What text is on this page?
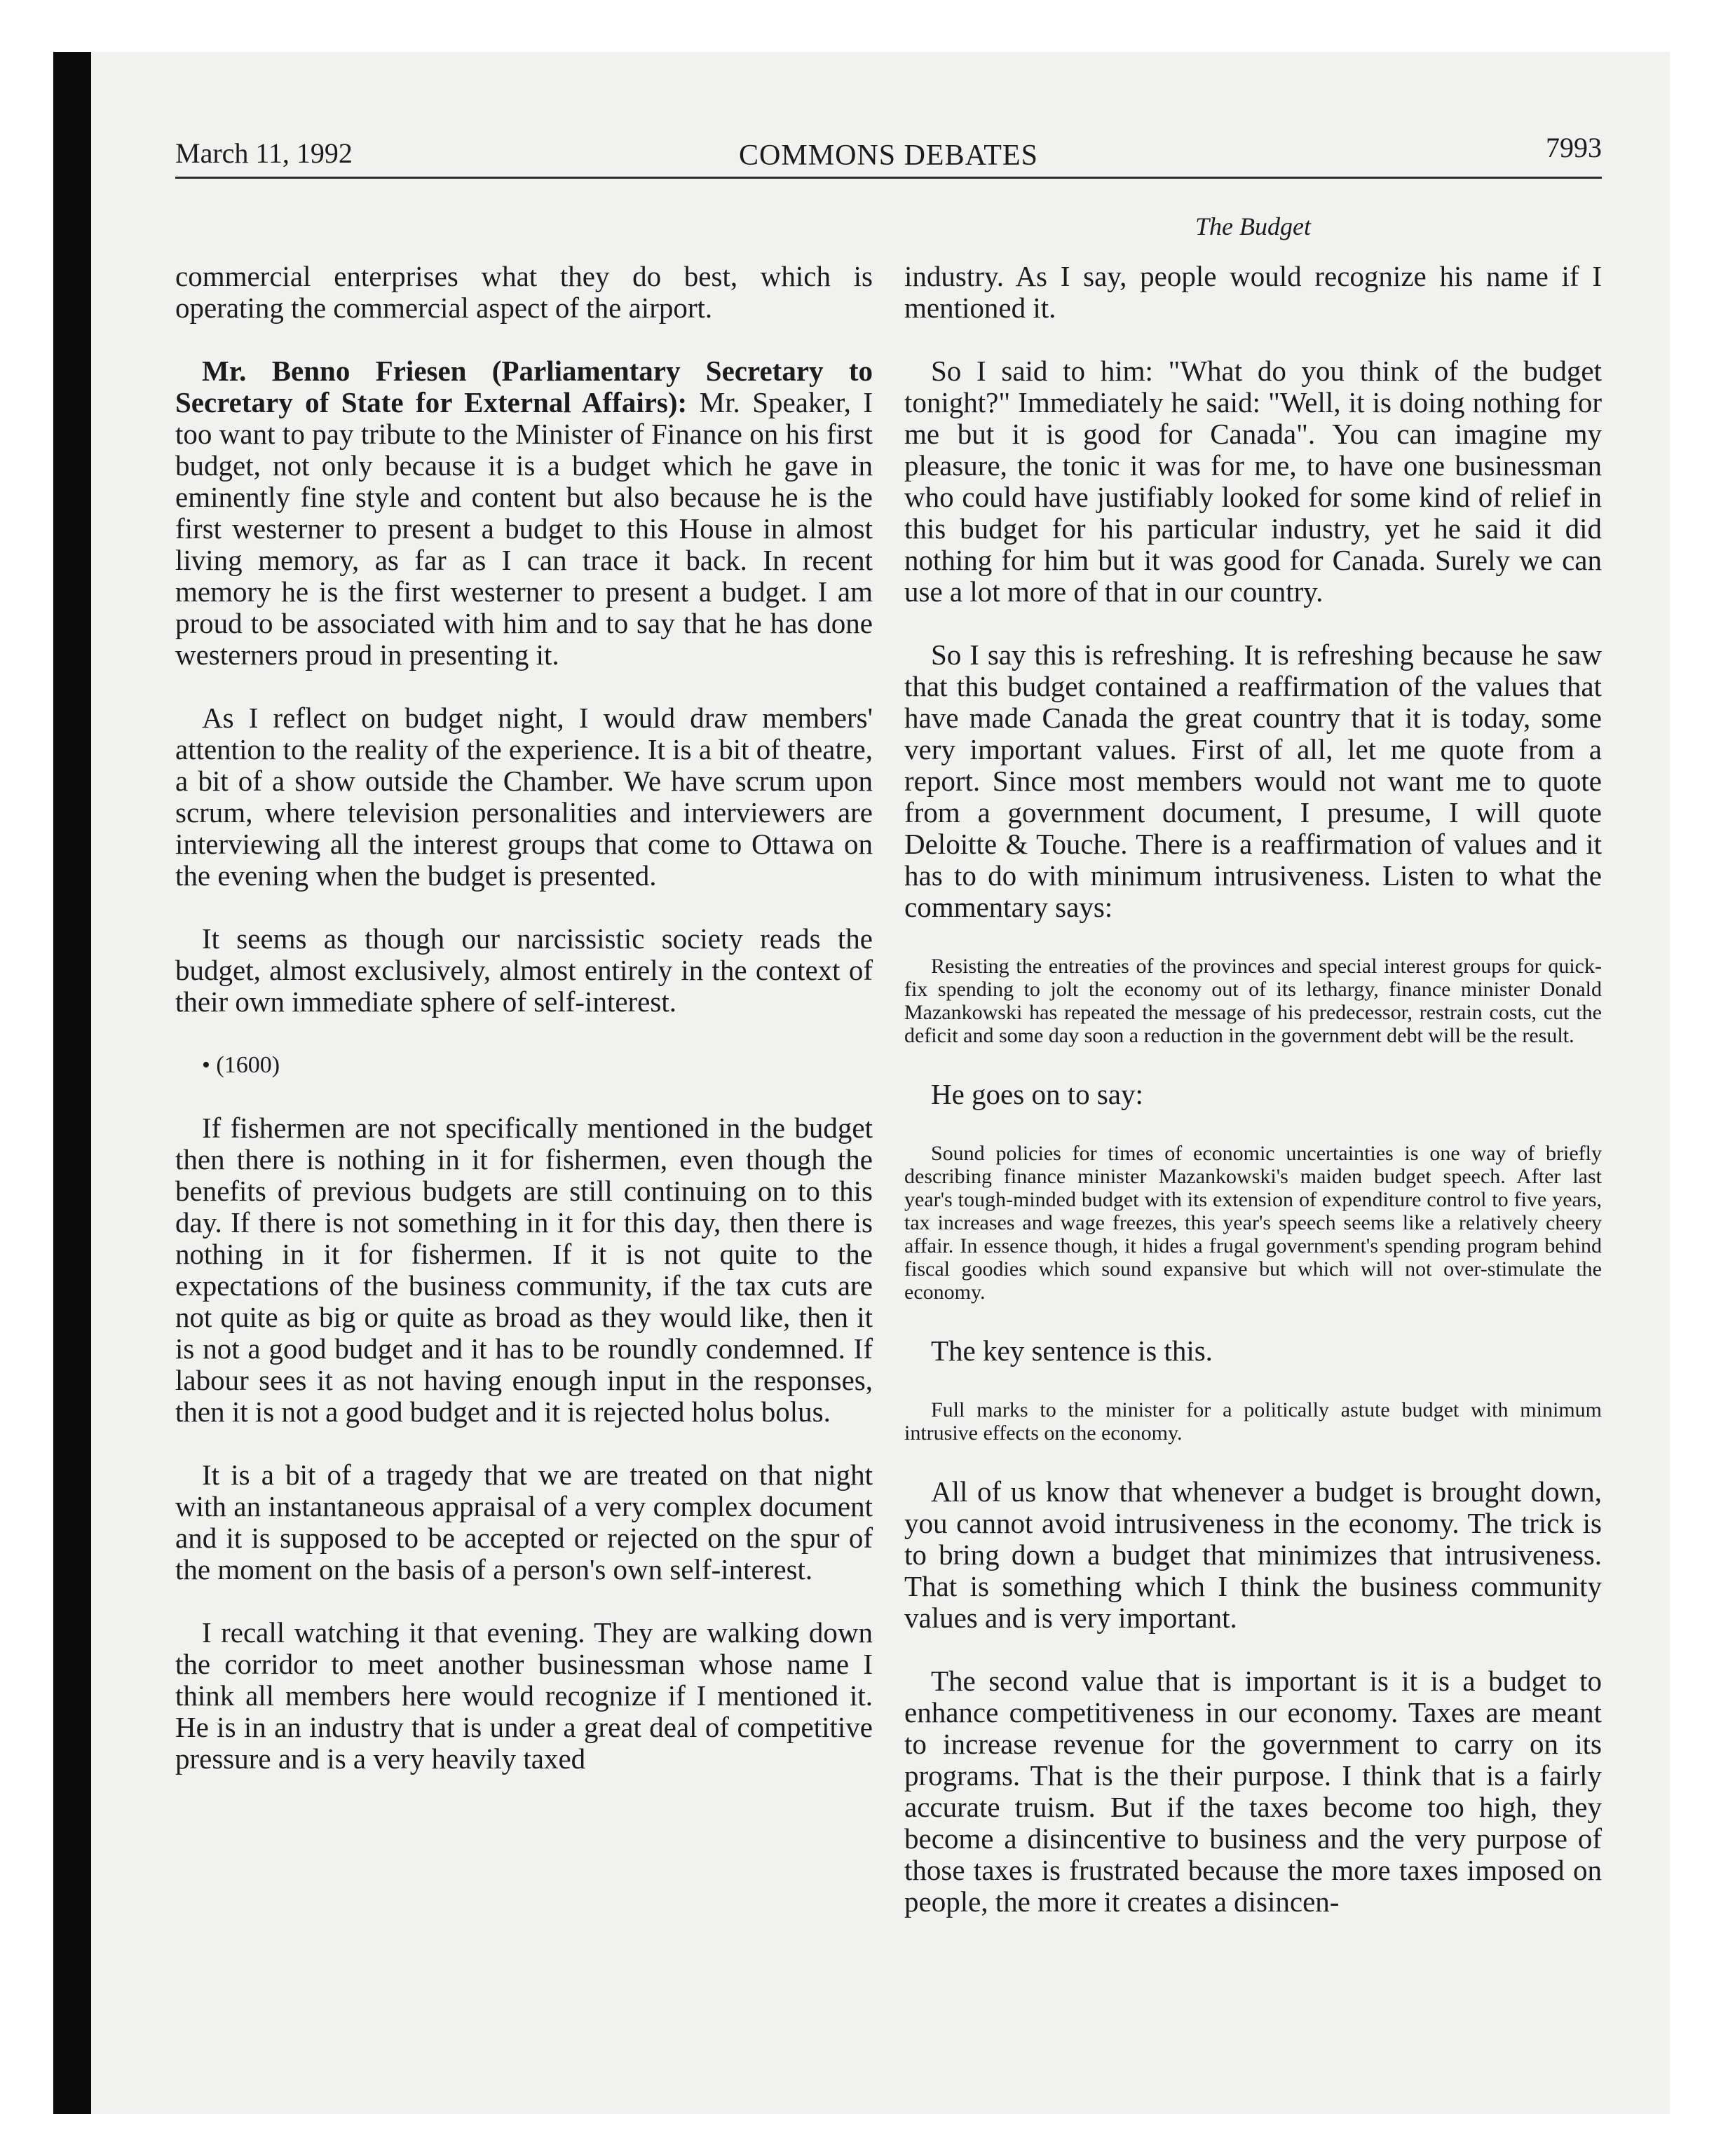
March 11, 1992	COMMONS DEBATES	7993
The Budget

commercial enterprises what they do best, which is operating the commercial aspect of the airport.

Mr. Benno Friesen (Parliamentary Secretary to Secretary of State for External Affairs): Mr. Speaker, I too want to pay tribute to the Minister of Finance on his first budget, not only because it is a budget which he gave in eminently fine style and content but also because he is the first westerner to present a budget to this House in almost living memory, as far as I can trace it back. In recent memory he is the first westerner to present a budget. I am proud to be associated with him and to say that he has done westerners proud in presenting it.

As I reflect on budget night, I would draw members' attention to the reality of the experience. It is a bit of theatre, a bit of a show outside the Chamber. We have scrum upon scrum, where television personalities and interviewers are interviewing all the interest groups that come to Ottawa on the evening when the budget is presented.

It seems as though our narcissistic society reads the budget, almost exclusively, almost entirely in the context of their own immediate sphere of self-interest.

• (1600)

If fishermen are not specifically mentioned in the budget then there is nothing in it for fishermen, even though the benefits of previous budgets are still continuing on to this day. If there is not something in it for this day, then there is nothing in it for fishermen. If it is not quite to the expectations of the business community, if the tax cuts are not quite as big or quite as broad as they would like, then it is not a good budget and it has to be roundly condemned. If labour sees it as not having enough input in the responses, then it is not a good budget and it is rejected holus bolus.

It is a bit of a tragedy that we are treated on that night with an instantaneous appraisal of a very complex document and it is supposed to be accepted or rejected on the spur of the moment on the basis of a person's own self-interest.

I recall watching it that evening. They are walking down the corridor to meet another businessman whose name I think all members here would recognize if I mentioned it. He is in an industry that is under a great deal of competitive pressure and is a very heavily taxed

industry. As I say, people would recognize his name if I mentioned it.

So I said to him: "What do you think of the budget tonight?" Immediately he said: "Well, it is doing nothing for me but it is good for Canada". You can imagine my pleasure, the tonic it was for me, to have one businessman who could have justifiably looked for some kind of relief in this budget for his particular industry, yet he said it did nothing for him but it was good for Canada. Surely we can use a lot more of that in our country.

So I say this is refreshing. It is refreshing because he saw that this budget contained a reaffirmation of the values that have made Canada the great country that it is today, some very important values. First of all, let me quote from a report. Since most members would not want me to quote from a government document, I presume, I will quote Deloitte & Touche. There is a reaffirmation of values and it has to do with minimum intrusiveness. Listen to what the commentary says:

Resisting the entreaties of the provinces and special interest groups for quick-fix spending to jolt the economy out of its lethargy, finance minister Donald Mazankowski has repeated the message of his predecessor, restrain costs, cut the deficit and some day soon a reduction in the government debt will be the result.

He goes on to say:

Sound policies for times of economic uncertainties is one way of briefly describing finance minister Mazankowski's maiden budget speech. After last year's tough-minded budget with its extension of expenditure control to five years, tax increases and wage freezes, this year's speech seems like a relatively cheery affair. In essence though, it hides a frugal government's spending program behind fiscal goodies which sound expansive but which will not over-stimulate the economy.

The key sentence is this.

Full marks to the minister for a politically astute budget with minimum intrusive effects on the economy.

All of us know that whenever a budget is brought down, you cannot avoid intrusiveness in the economy. The trick is to bring down a budget that minimizes that intrusiveness. That is something which I think the business community values and is very important.

The second value that is important is it is a budget to enhance competitiveness in our economy. Taxes are meant to increase revenue for the government to carry on its programs. That is the their purpose. I think that is a fairly accurate truism. But if the taxes become too high, they become a disincentive to business and the very purpose of those taxes is frustrated because the more taxes imposed on people, the more it creates a disincen-
